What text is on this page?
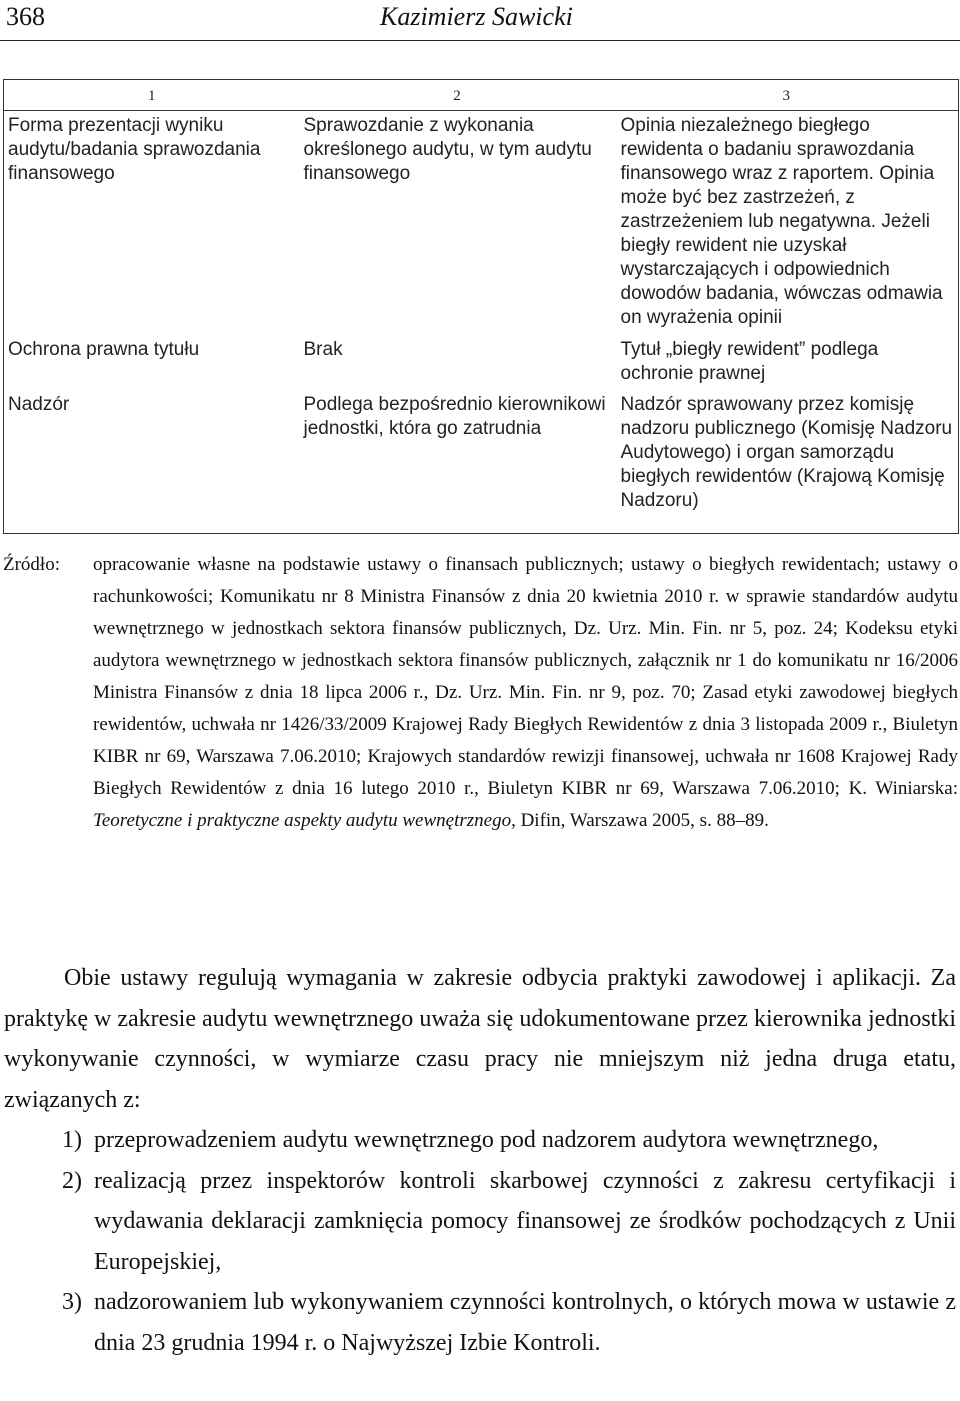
368	Kazimierz Sawicki
1	2	3
Forma prezentacji wyniku audytu/badania sprawozdania finansowego	Sprawozdanie z wykonania określonego audytu, w tym audytu finansowego	Opinia niezależnego biegłego rewidenta o badaniu sprawozdania finansowego wraz z raportem. Opinia może być bez zastrzeżeń, z zastrzeżeniem lub negatywna. Jeżeli biegły rewident nie uzyskał wystarczających i odpowiednich dowodów badania, wówczas odmawia on wyrażenia opinii
Ochrona prawna tytułu	Brak	Tytuł „biegły rewident” podlega ochronie prawnej
Nadzór	Podlega bezpośrednio kierownikowi jednostki, która go zatrudnia	Nadzór sprawowany przez komisję nadzoru publicznego (Komisję Nadzoru Audytowego) i organ samorządu biegłych rewidentów (Krajową Komisję Nadzoru)
Źródło: opracowanie własne na podstawie ustawy o finansach publicznych; ustawy o biegłych rewidentach; ustawy o rachunkowości; Komunikatu nr 8 Ministra Finansów z dnia 20 kwietnia 2010 r. w sprawie standardów audytu wewnętrznego w jednostkach sektora finansów publicznych, Dz. Urz. Min. Fin. nr 5, poz. 24; Kodeksu etyki audytora wewnętrznego w jednostkach sektora finansów publicznych, załącznik nr 1 do komunikatu nr 16/2006 Ministra Finansów z dnia 18 lipca 2006 r., Dz. Urz. Min. Fin. nr 9, poz. 70; Zasad etyki zawodowej biegłych rewidentów, uchwała nr 1426/33/2009 Krajowej Rady Biegłych Rewidentów z dnia 3 listopada 2009 r., Biuletyn KIBR nr 69, Warszawa 7.06.2010; Krajowych standardów rewizji finansowej, uchwała nr 1608 Krajowej Rady Biegłych Rewidentów z dnia 16 lutego 2010 r., Biuletyn KIBR nr 69, Warszawa 7.06.2010; K. Winiarska: Teoretyczne i praktyczne aspekty audytu wewnętrznego, Difin, Warszawa 2005, s. 88–89.

Obie ustawy regulują wymagania w zakresie odbycia praktyki zawodowej i aplikacji. Za praktykę w zakresie audytu wewnętrznego uważa się udokumentowane przez kierownika jednostki wykonywanie czynności, w wymiarze czasu pracy nie mniejszym niż jedna druga etatu, związanych z:

1) przeprowadzeniem audytu wewnętrznego pod nadzorem audytora wewnętrznego,
2) realizacją przez inspektorów kontroli skarbowej czynności z zakresu certyfikacji i wydawania deklaracji zamknięcia pomocy finansowej ze środków pochodzących z Unii Europejskiej,
3) nadzorowaniem lub wykonywaniem czynności kontrolnych, o których mowa w ustawie z dnia 23 grudnia 1994 r. o Najwyższej Izbie Kontroli.
